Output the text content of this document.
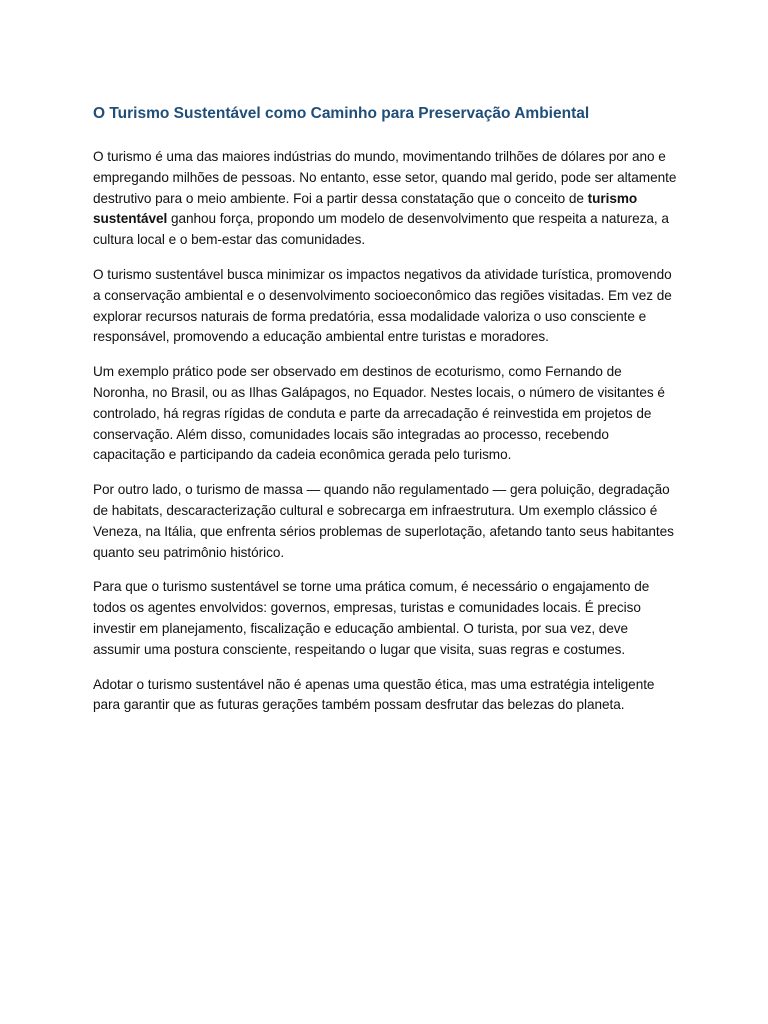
O Turismo Sustentável como Caminho para Preservação Ambiental

O turismo é uma das maiores indústrias do mundo, movimentando trilhões de dólares por ano e empregando milhões de pessoas. No entanto, esse setor, quando mal gerido, pode ser altamente destrutivo para o meio ambiente. Foi a partir dessa constatação que o conceito de turismo sustentável ganhou força, propondo um modelo de desenvolvimento que respeita a natureza, a cultura local e o bem-estar das comunidades.

O turismo sustentável busca minimizar os impactos negativos da atividade turística, promovendo a conservação ambiental e o desenvolvimento socioeconômico das regiões visitadas. Em vez de explorar recursos naturais de forma predatória, essa modalidade valoriza o uso consciente e responsável, promovendo a educação ambiental entre turistas e moradores.

Um exemplo prático pode ser observado em destinos de ecoturismo, como Fernando de Noronha, no Brasil, ou as Ilhas Galápagos, no Equador. Nestes locais, o número de visitantes é controlado, há regras rígidas de conduta e parte da arrecadação é reinvestida em projetos de conservação. Além disso, comunidades locais são integradas ao processo, recebendo capacitação e participando da cadeia econômica gerada pelo turismo.

Por outro lado, o turismo de massa — quando não regulamentado — gera poluição, degradação de habitats, descaracterização cultural e sobrecarga em infraestrutura. Um exemplo clássico é Veneza, na Itália, que enfrenta sérios problemas de superlotação, afetando tanto seus habitantes quanto seu patrimônio histórico.

Para que o turismo sustentável se torne uma prática comum, é necessário o engajamento de todos os agentes envolvidos: governos, empresas, turistas e comunidades locais. É preciso investir em planejamento, fiscalização e educação ambiental. O turista, por sua vez, deve assumir uma postura consciente, respeitando o lugar que visita, suas regras e costumes.

Adotar o turismo sustentável não é apenas uma questão ética, mas uma estratégia inteligente para garantir que as futuras gerações também possam desfrutar das belezas do planeta.
